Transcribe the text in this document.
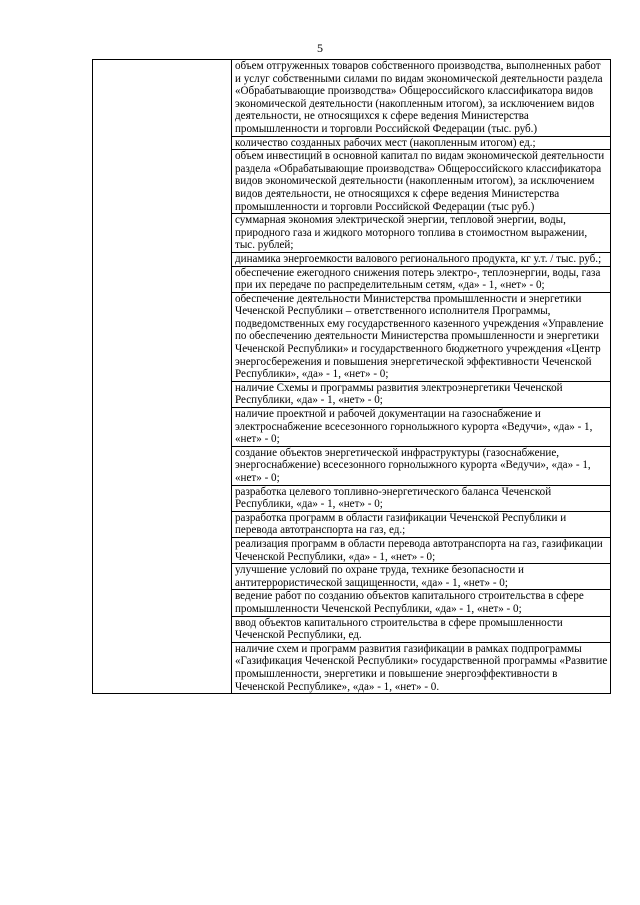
5
	объем отгруженных товаров собственного производства, выполненных работ и услуг собственными силами по видам экономической деятельности раздела «Обрабатывающие производства» Общероссийского классификатора видов экономической деятельности (накопленным итогом), за исключением видов деятельности, не относящихся к сфере ведения Министерства промышленности и торговли Российской Федерации (тыс. руб.)
количество созданных рабочих мест (накопленным итогом) ед.;
объем инвестиций в основной капитал по видам экономической деятельности раздела «Обрабатывающие производства» Общероссийского классификатора видов экономической деятельности (накопленным итогом), за исключением видов деятельности, не относящихся к сфере ведения Министерства промышленности и торговли Российской Федерации (тыс руб.)
суммарная экономия электрической энергии, тепловой энергии, воды, природного газа и жидкого моторного топлива в стоимостном выражении, тыс. рублей;
динамика энергоемкости валового регионального продукта, кг у.т. / тыс. руб.;
обеспечение ежегодного снижения потерь электро-, теплоэнергии, воды, газа при их передаче по распределительным сетям, «да» - 1, «нет» - 0;
обеспечение деятельности Министерства промышленности и энергетики Чеченской Республики – ответственного исполнителя Программы, подведомственных ему государственного казенного учреждения «Управление по обеспечению деятельности Министерства промышленности и энергетики Чеченской Республики» и государственного бюджетного учреждения «Центр энергосбережения и повышения энергетической эффективности Чеченской Республики», «да» - 1, «нет» - 0;
наличие Схемы и программы развития электроэнергетики Чеченской Республики, «да» - 1, «нет» - 0;
наличие проектной и рабочей документации на газоснабжение и электроснабжение всесезонного горнолыжного курорта «Ведучи», «да» - 1, «нет» - 0;
создание объектов энергетической инфраструктуры (газоснабжение, энергоснабжение) всесезонного горнолыжного курорта «Ведучи», «да» - 1, «нет» - 0;
разработка целевого топливно-энергетического баланса Чеченской Республики, «да» - 1, «нет» - 0;
разработка программ в области газификации Чеченской Республики и перевода автотранспорта на газ, ед.;
реализация программ в области перевода автотранспорта на газ, газификации Чеченской Республики, «да» - 1, «нет» - 0;
улучшение условий по охране труда, технике безопасности и антитеррористической защищенности, «да» - 1, «нет» - 0;
ведение работ по созданию объектов капитального строительства в сфере промышленности Чеченской Республики, «да» - 1, «нет» - 0;
ввод объектов капитального строительства в сфере промышленности Чеченской Республики, ед.
наличие схем и программ развития газификации в рамках подпрограммы «Газификация Чеченской Республики» государственной программы «Развитие промышленности, энергетики и повышение энергоэффективности в Чеченской Республике», «да» - 1, «нет» - 0.
